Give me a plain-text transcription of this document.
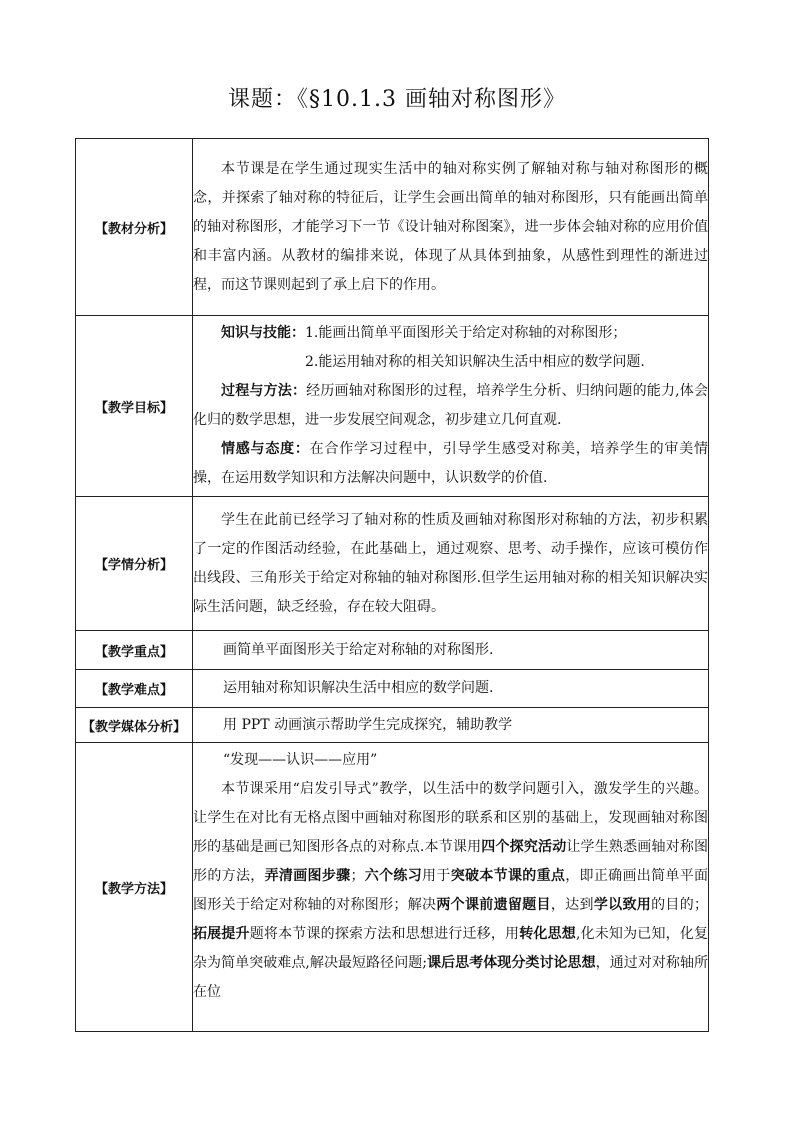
课题：《§10.1.3 画轴对称图形》
【教材分析】	本节课是在学生通过现实生活中的轴对称实例了解轴对称与轴对称图形的概念，并探索了轴对称的特征后，让学生会画出简单的轴对称图形，只有能画出简单的轴对称图形，才能学习下一节《设计轴对称图案》，进一步体会轴对称的应用价值和丰富内涵。从教材的编排来说，体现了从具体到抽象，从感性到理性的渐进过程，而这节课则起到了承上启下的作用。

【教学目标】	知识与技能：1.能画出简单平面图形关于给定对称轴的对称图形；

2.能运用轴对称的相关知识解决生活中相应的数学问题.

过程与方法：经历画轴对称图形的过程，培养学生分析、归纳问题的能力,体会化归的数学思想，进一步发展空间观念，初步建立几何直观.

情感与态度：在合作学习过程中，引导学生感受对称美，培养学生的审美情操，在运用数学知识和方法解决问题中，认识数学的价值.

【学情分析】	学生在此前已经学习了轴对称的性质及画轴对称图形对称轴的方法，初步积累了一定的作图活动经验，在此基础上，通过观察、思考、动手操作，应该可模仿作出线段、三角形关于给定对称轴的轴对称图形.但学生运用轴对称的相关知识解决实际生活问题，缺乏经验，存在较大阻碍。

【教学重点】	画简单平面图形关于给定对称轴的对称图形.

【教学难点】	运用轴对称知识解决生活中相应的数学问题.

【教学媒体分析】	用 PPT 动画演示帮助学生完成探究，辅助教学

【教学方法】	“发现——认识——应用”

本节课采用“启发引导式”教学，以生活中的数学问题引入，激发学生的兴趣。让学生在对比有无格点图中画轴对称图形的联系和区别的基础上，发现画轴对称图形的基础是画已知图形各点的对称点.本节课用四个探究活动让学生熟悉画轴对称图形的方法，弄清画图步骤；六个练习用于突破本节课的重点，即正确画出简单平面图形关于给定对称轴的对称图形；解决两个课前遗留题目，达到学以致用的目的；拓展提升题将本节课的探索方法和思想进行迁移，用转化思想,化未知为已知，化复杂为简单突破难点,解决最短路径问题;课后思考体现分类讨论思想，通过对对称轴所在位
